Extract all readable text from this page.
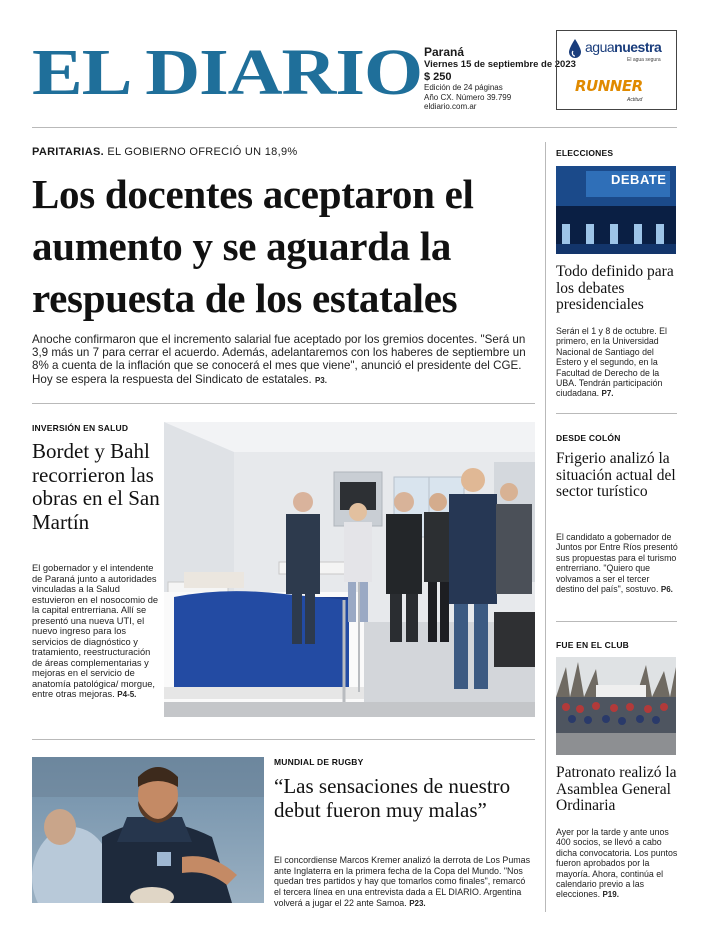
EL DIARIO Paraná
Viernes 15 de septiembre de 2023
$ 250
Edición de 24 páginas
Año CX. Número 39.799
eldiario.com.ar
aguanuestra
El agua segura
RUNNER
Actitud
PARITARIAS. EL GOBIERNO OFRECIÓ UN 18,9%
Los docentes aceptaron el aumento y se aguarda la respuesta de los estatales
Anoche confirmaron que el incremento salarial fue aceptado por los gremios docentes. "Será un 3,9 más un 7 para cerrar el acuerdo. Además, adelantaremos con los haberes de septiembre un 8% a cuenta de la inflación que se conocerá el mes que viene", anunció el presidente del CGE. Hoy se espera la respuesta del Sindicato de estatales. P3.
INVERSIÓN EN SALUD
Bordet y Bahl recorrieron las obras en el San Martín
El gobernador y el intendente de Paraná junto a autoridades vinculadas a la Salud estuvieron en el nosocomio de la capital entrerriana. Allí se presentó una nueva UTI, el nuevo ingreso para los servicios de diagnóstico y tratamiento, reestructuración de áreas complementarias y mejoras en el servicio de anatomía patológica/ morgue, entre otras mejoras. P4-5.
MUNDIAL DE RUGBY
“Las sensaciones de nuestro debut fueron muy malas”
El concordiense Marcos Kremer analizó la derrota de Los Pumas ante Inglaterra en la primera fecha de la Copa del Mundo. "Nos quedan tres partidos y hay que tomarlos como finales", remarcó el tercera línea en una entrevista dada a EL DIARIO. Argentina volverá a jugar el 22 ante Samoa. P23.
ELECCIONES
DEBATE
Todo definido para los debates presidenciales
Serán el 1 y 8 de octubre. El primero, en la Universidad Nacional de Santiago del Estero y el segundo, en la Facultad de Derecho de la UBA. Tendrán participación ciudadana. P7.
DESDE COLÓN
Frigerio analizó la situación actual del sector turístico
El candidato a gobernador de Juntos por Entre Ríos presentó sus propuestas para el turismo entrerriano. "Quiero que volvamos a ser el tercer destino del país", sostuvo. P6.
FUE EN EL CLUB
Patronato realizó la Asamblea General Ordinaria
Ayer por la tarde y ante unos 400 socios, se llevó a cabo dicha convocatoria. Los puntos fueron aprobados por la mayoría. Ahora, continúa el calendario previo a las elecciones. P19.
